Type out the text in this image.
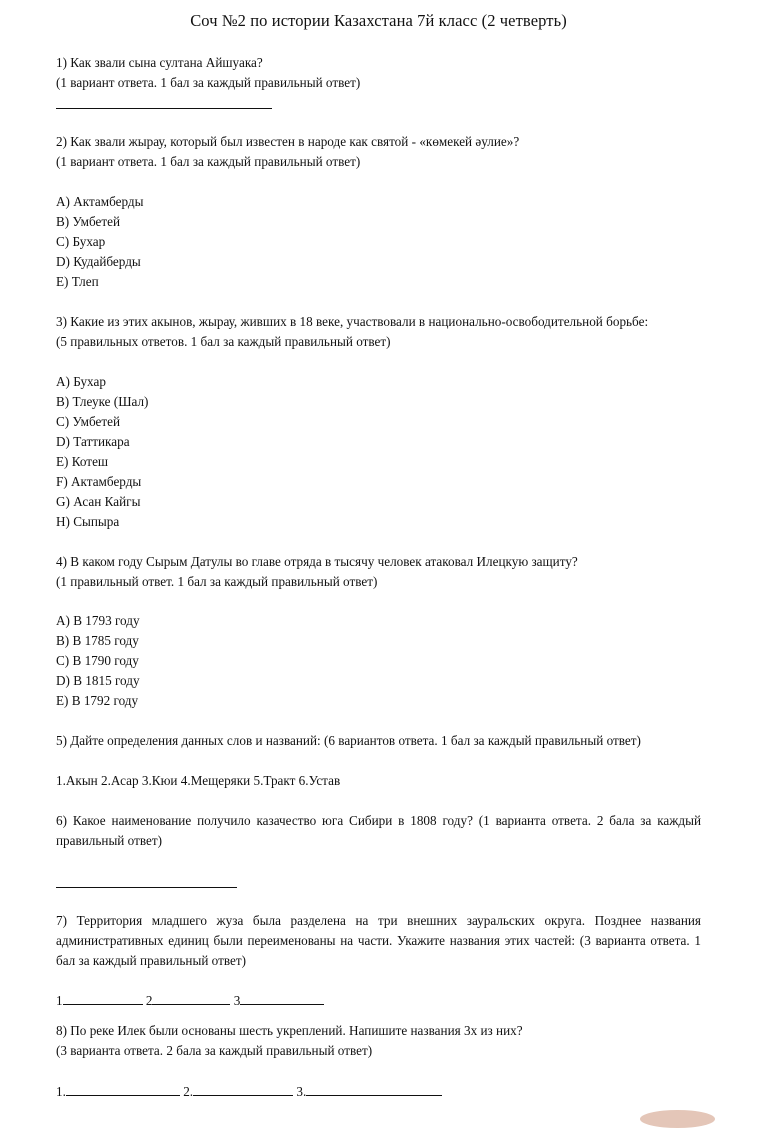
Соч №2 по истории Казахстана 7й класс (2 четверть)
1) Как звали сына султана Айшуака?
(1 вариант ответа. 1 бал за каждый правильный ответ)
2) Как звали жырау, который был известен в народе как святой - «көмекей әулие»?
(1 вариант ответа. 1 бал за каждый правильный ответ)
A) Актамберды
B) Умбетей
C) Бухар
D) Кудайберды
E) Тлеп
3) Какие из этих акынов, жырау, живших в 18 веке, участвовали в национально-освободительной борьбе:
(5 правильных ответов. 1 бал за каждый правильный ответ)
A) Бухар
B) Тлеуке (Шал)
C) Умбетей
D) Таттикара
E) Котеш
F) Актамберды
G) Асан Кайгы
H) Сыпыра
4) В каком году Сырым Датулы во главе отряда в тысячу человек атаковал Илецкую защиту?
(1 правильный ответ. 1 бал за каждый правильный ответ)
A) В 1793 году
B) В 1785 году
C) В 1790 году
D) В 1815 году
E) В 1792 году
5) Дайте определения данных слов и названий: (6 вариантов ответа. 1 бал за каждый правильный ответ)
1.Акын 2.Асар 3.Кюи 4.Мещеряки 5.Тракт 6.Устав
6) Какое наименование получило казачество юга Сибири в 1808 году? (1 варианта ответа. 2 бала за каждый правильный ответ)
7) Территория младшего жуза была разделена на три внешних зауральских округа. Позднее названия административных единиц были переименованы на части. Укажите названия этих частей: (3 варианта ответа. 1 бал за каждый правильный ответ)
1	2	3
8) По реке Илек были основаны шесть укреплений. Напишите названия 3х из них?
(3 варианта ответа. 2 бала за каждый правильный ответ)
1.	2.	3.
